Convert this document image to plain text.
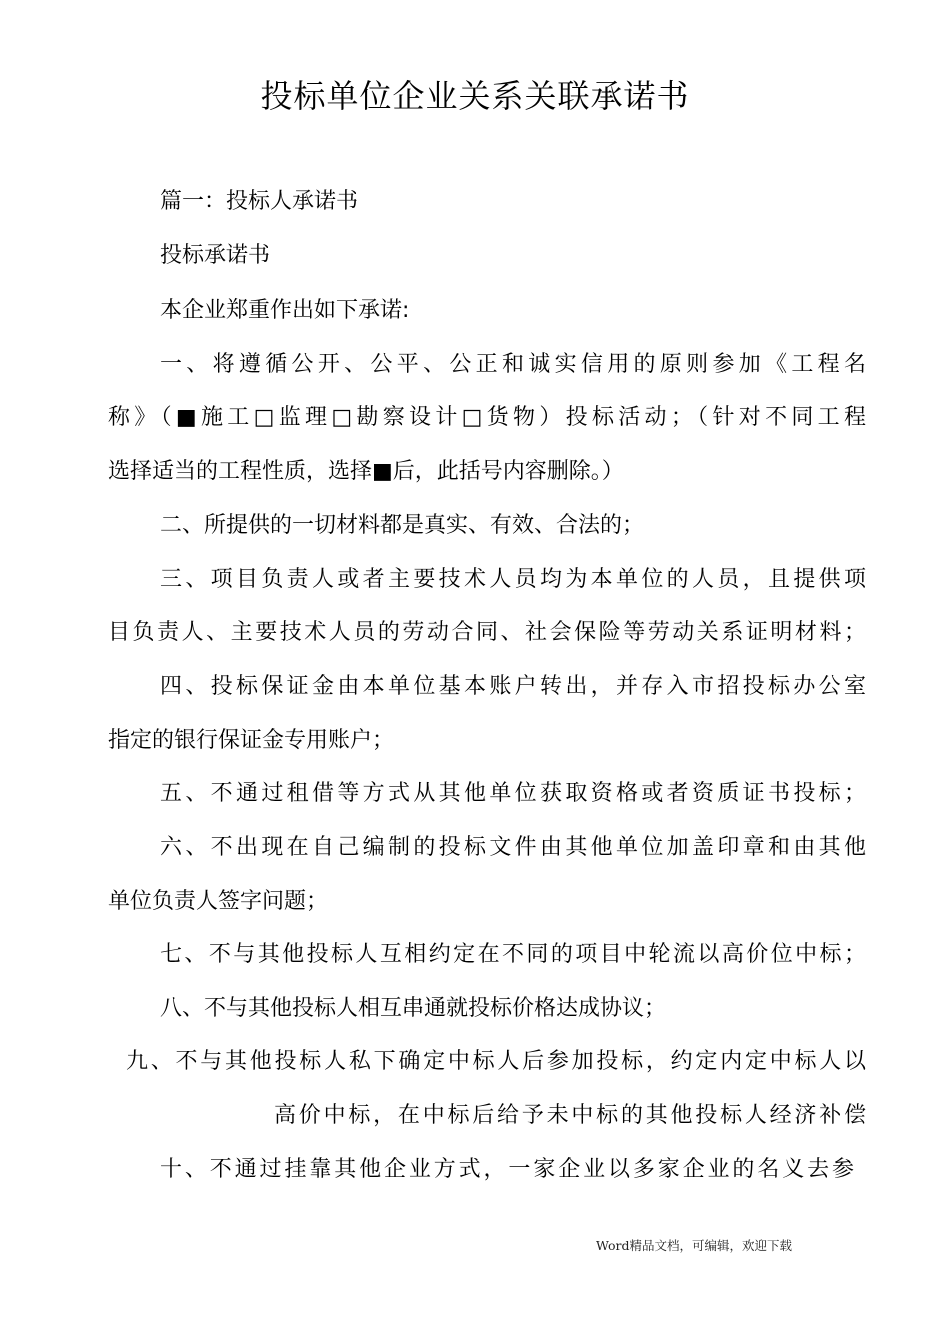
投标单位企业关系关联承诺书

篇一：投标人承诺书

投标承诺书

本企业郑重作出如下承诺:

一、将遵循公开、公平、公正和诚实信用的原则参加《工程名

称》（■施工□监理□勘察设计□货物）投标活动；（针对不同工程

选择适当的工程性质，选择■后，此括号内容删除。）

二、所提供的一切材料都是真实、有效、合法的；

三、项目负责人或者主要技术人员均为本单位的人员，且提供项

目负责人、主要技术人员的劳动合同、社会保险等劳动关系证明材料；

四、投标保证金由本单位基本账户转出，并存入市招投标办公室

指定的银行保证金专用账户；

五、不通过租借等方式从其他单位获取资格或者资质证书投标；

六、不出现在自己编制的投标文件由其他单位加盖印章和由其他

单位负责人签字问题；

七、不与其他投标人互相约定在不同的项目中轮流以高价位中标；

八、不与其他投标人相互串通就投标价格达成协议；

九、不与其他投标人私下确定中标人后参加投标，约定内定中标人以

高价中标，在中标后给予未中标的其他投标人经济补偿

十、不通过挂靠其他企业方式，一家企业以多家企业的名义去参

Word精品文档，可编辑，欢迎下载
